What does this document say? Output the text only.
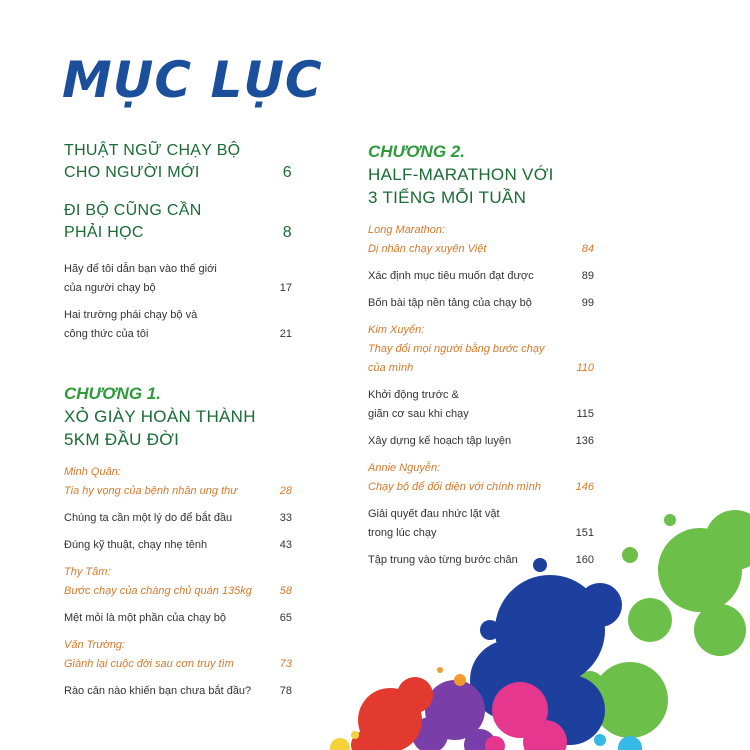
MỤC LỤC
THUẬT NGỮ CHẠY BỘ
CHO NGƯỜI MỚI	6
ĐI BỘ CŨNG CẦN
PHẢI HỌC	8
Hãy để tôi dẫn bạn vào thế giới
của người chạy bộ	17
Hai trường phái chạy bộ và
công thức của tôi	21
CHƯƠNG 1.
XỎ GIÀY HOÀN THÀNH
5KM ĐẦU ĐỜI
Minh Quân:
Tia hy vọng của bệnh nhân ung thư	28
Chúng ta cần một lý do để bắt đầu	33
Đúng kỹ thuật, chạy nhẹ tênh	43
Thy Tâm:
Bước chạy của chàng chủ quán 135kg	58
Mệt mỏi là một phần của chạy bộ	65
Văn Trường:
Giành lại cuộc đời sau cơn truy tìm	73
Rào cản nào khiến bạn chưa bắt đầu?	78
CHƯƠNG 2.
HALF-MARATHON VỚI
3 TIẾNG MỖI TUẦN
Long Marathon:
Dị nhân chạy xuyên Việt	84
Xác định mục tiêu muốn đạt được	89
Bốn bài tập nền tảng của chạy bộ	99
Kim Xuyến:
Thay đổi mọi người bằng bước chạy
của mình	110
Khởi động trước &
giãn cơ sau khi chạy	115
Xây dựng kế hoạch tập luyện	136
Annie Nguyễn:
Chạy bộ để đối diện với chính mình	146
Giải quyết đau nhức lặt vặt
trong lúc chạy	151
Tập trung vào từng bước chân	160
